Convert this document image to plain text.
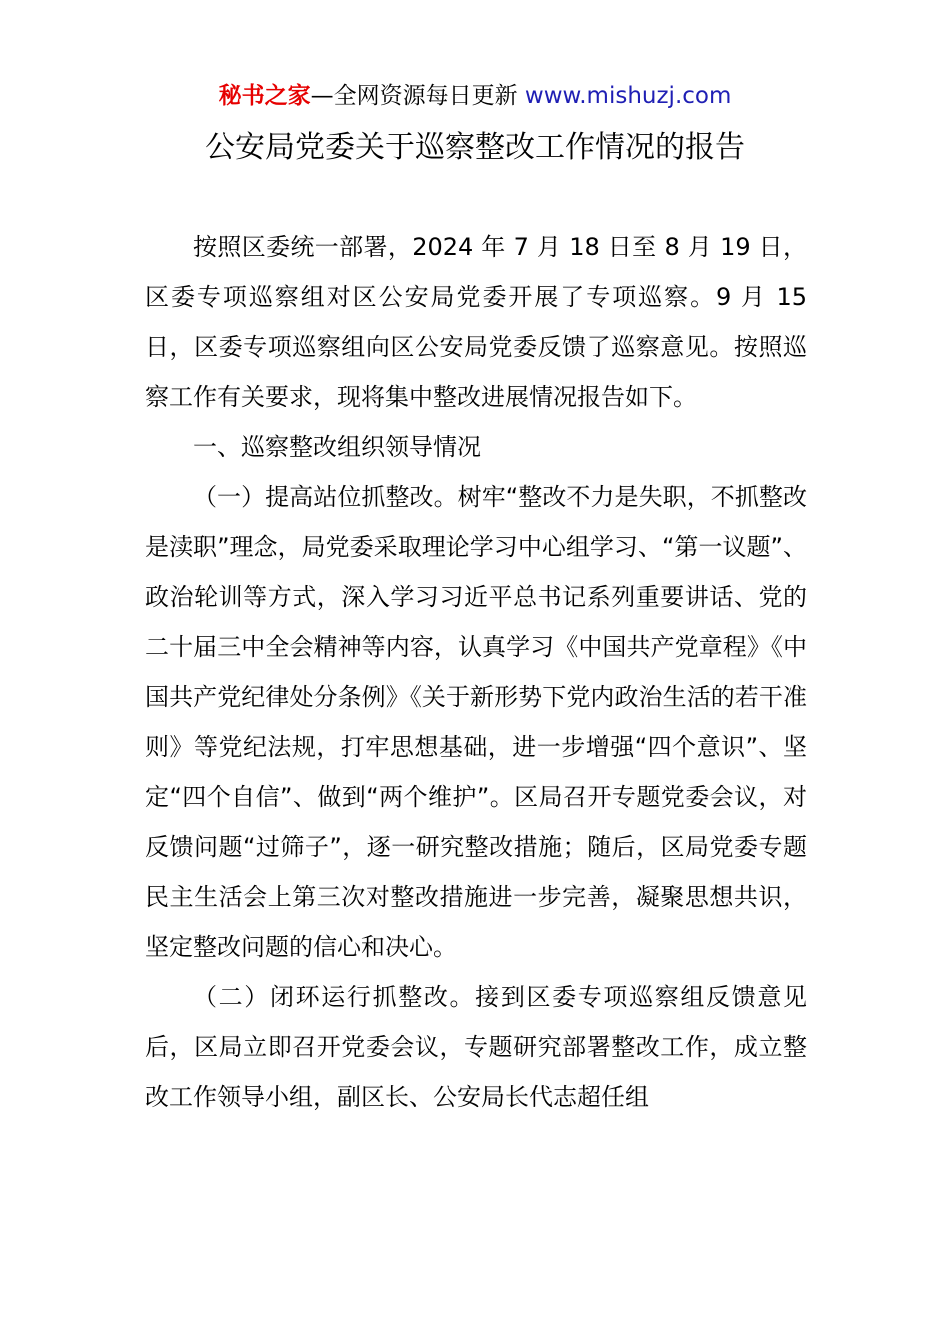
秘书之家—全网资源每日更新 www.mishuzj.com
公安局党委关于巡察整改工作情况的报告

按照区委统一部署，2024 年 7 月 18 日至 8 月 19 日，区委专项巡察组对区公安局党委开展了专项巡察。9 月 15 日，区委专项巡察组向区公安局党委反馈了巡察意见。按照巡察工作有关要求，现将集中整改进展情况报告如下。

一、巡察整改组织领导情况

（一）提高站位抓整改。树牢“整改不力是失职，不抓整改是渎职”理念，局党委采取理论学习中心组学习、“第一议题”、政治轮训等方式，深入学习习近平总书记系列重要讲话、党的二十届三中全会精神等内容，认真学习《中国共产党章程》《中国共产党纪律处分条例》《关于新形势下党内政治生活的若干准则》等党纪法规，打牢思想基础，进一步增强“四个意识”、坚定“四个自信”、做到“两个维护”。区局召开专题党委会议，对反馈问题“过筛子”，逐一研究整改措施；随后，区局党委专题民主生活会上第三次对整改措施进一步完善，凝聚思想共识，坚定整改问题的信心和决心。

（二）闭环运行抓整改。接到区委专项巡察组反馈意见后，区局立即召开党委会议，专题研究部署整改工作，成立整改工作领导小组，副区长、公安局长代志超任组
